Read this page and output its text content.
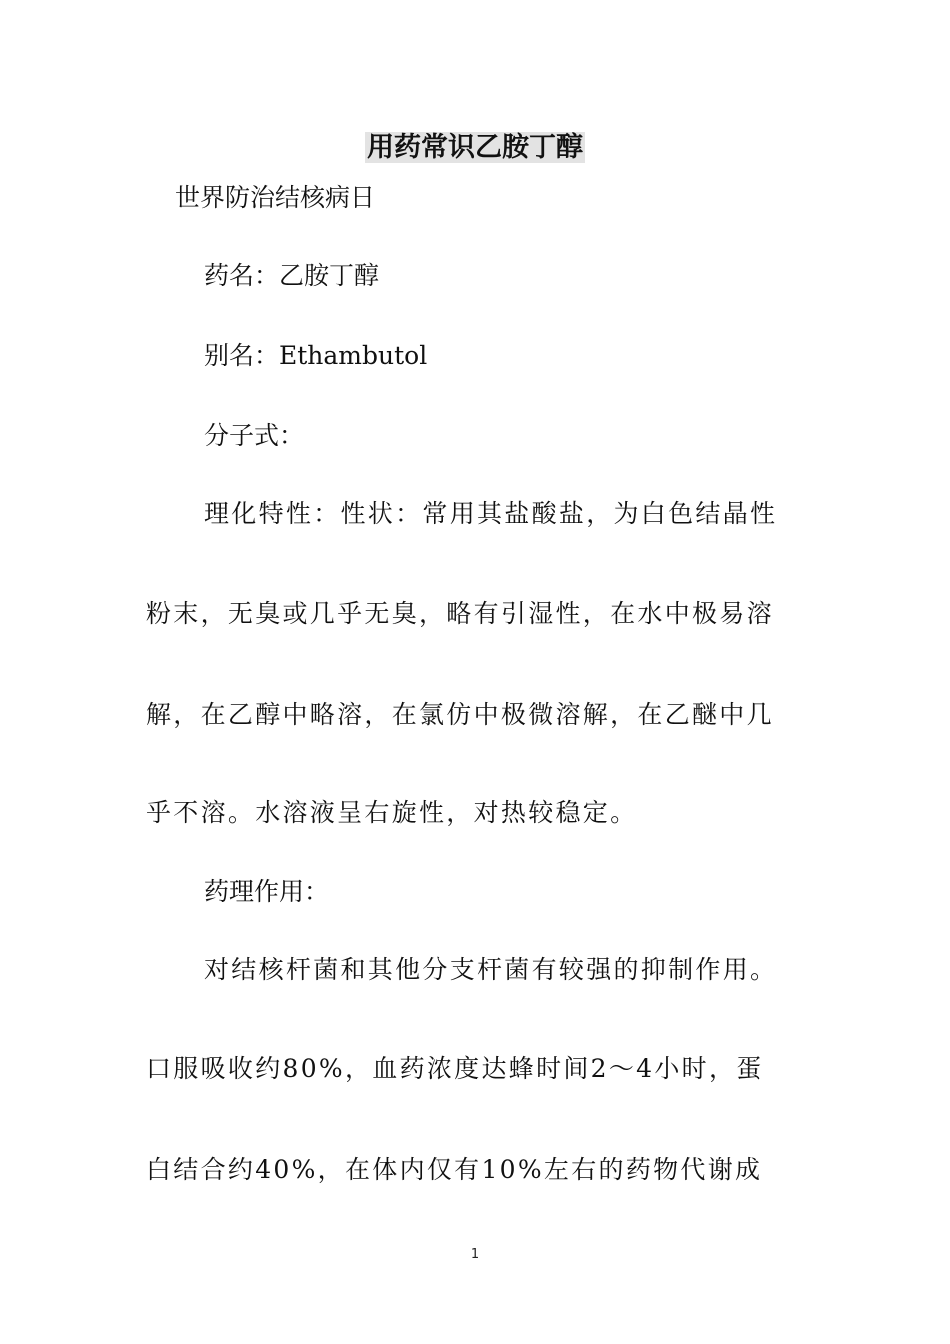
用药常识乙胺丁醇
世界防治结核病日
药名：乙胺丁醇
别名：Ethambutol
分子式：
理化特性：性状：常用其盐酸盐，为白色结晶性
粉末，无臭或几乎无臭，略有引湿性，在水中极易溶
解，在乙醇中略溶，在氯仿中极微溶解，在乙醚中几
乎不溶。水溶液呈右旋性，对热较稳定。
药理作用：
对结核杆菌和其他分支杆菌有较强的抑制作用。
口服吸收约80%，血药浓度达蜂时间2～4小时，蛋
白结合约40%，在体内仅有10%左右的药物代谢成
1
